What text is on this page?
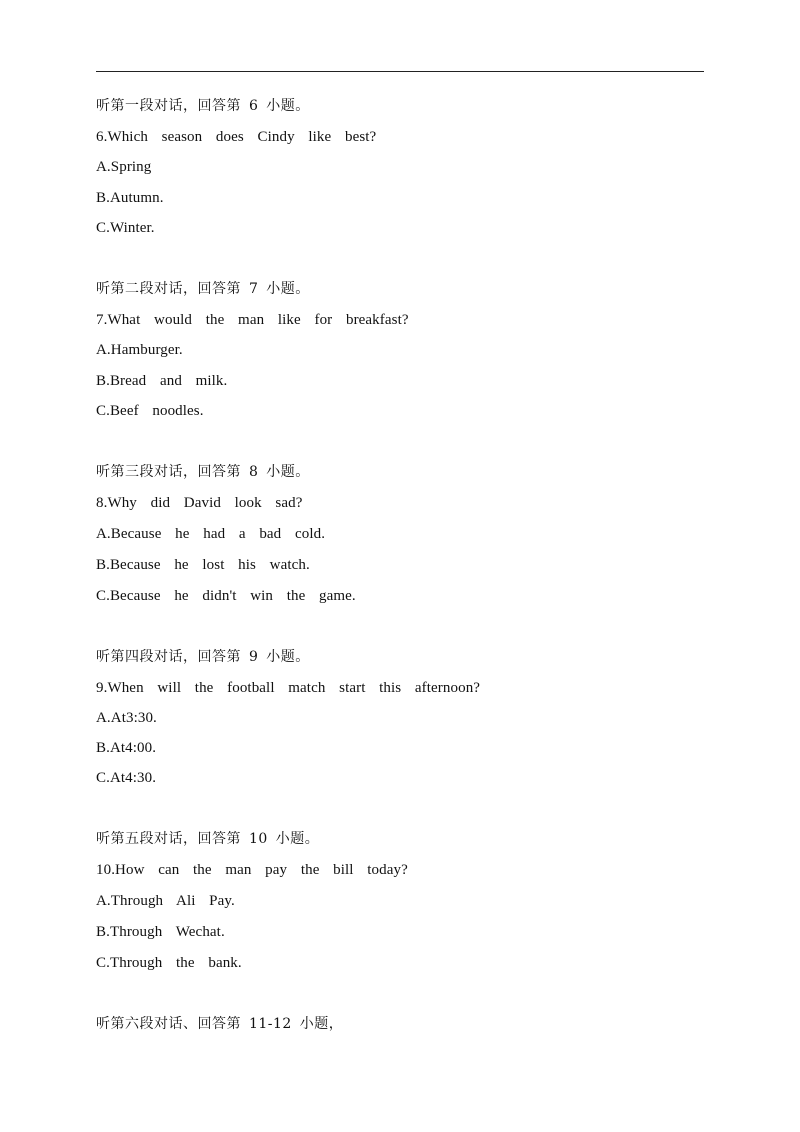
听第一段对话，回答第 6 小题。
6.Which  season  does  Cindy  like  best?
A.Spring
B.Autumn.
C.Winter.
听第二段对话，回答第 7 小题。
7.What  would  the  man  like  for  breakfast?
A.Hamburger.
B.Bread  and  milk.
C.Beef  noodles.
听第三段对话，回答第 8 小题。
8.Why  did  David  look  sad?
A.Because  he  had  a  bad  cold.
B.Because  he  lost  his  watch.
C.Because  he  didn't  win  the  game.
听第四段对话，回答第 9 小题。
9.When  will  the  football  match  start  this  afternoon?
A.At3:30.
B.At4:00.
C.At4:30.
听第五段对话，回答第 10 小题。
10.How  can  the  man  pay  the  bill  today?
A.Through  Ali  Pay.
B.Through  Wechat.
C.Through  the  bank.
听第六段对话、回答第 11-12 小题，
